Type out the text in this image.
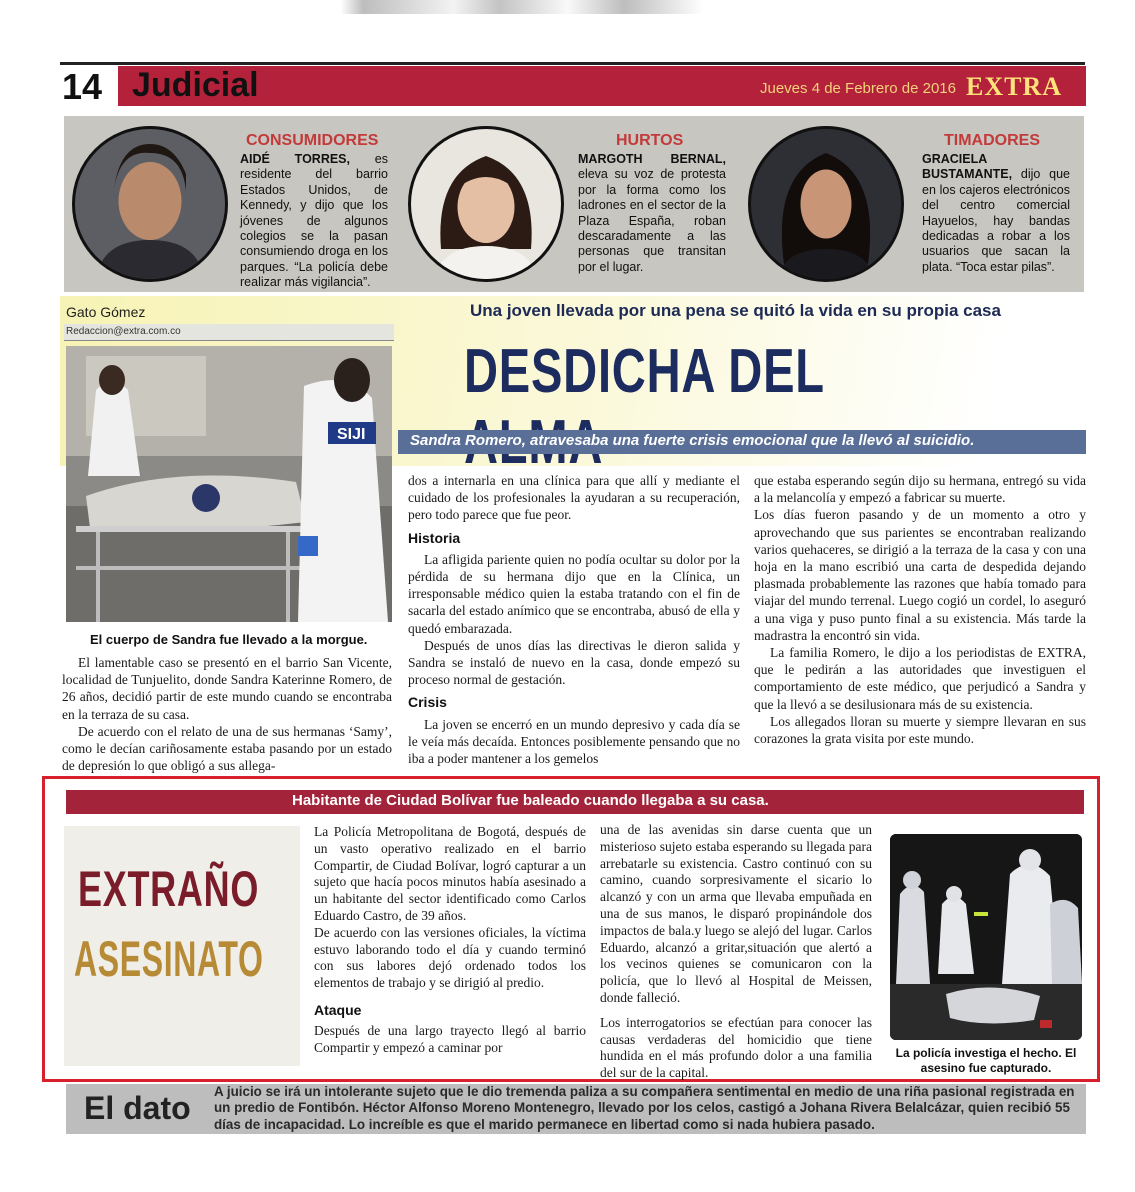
14 Judicial	Jueves 4 de Febrero de 2016 EXTRA
CONSUMIDORES
AIDÉ TORRES, es residente del barrio Estados Unidos, de Kennedy, y dijo que los jóvenes de algunos colegios se la pasan consumiendo droga en los parques. “La policía debe realizar más vigilancia”.
HURTOS
MARGOTH BERNAL, eleva su voz de protesta por la forma como los ladrones en el sector de la Plaza España, roban descaradamente a las personas que transitan por el lugar.
TIMADORES
GRACIELA BUSTAMANTE, dijo que en los cajeros electrónicos del centro comercial Hayuelos, hay bandas dedicadas a robar a los usuarios que sacan la plata. “Toca estar pilas”.
Gato Gómez
Redaccion@extra.com.co
Una joven llevada por una pena se quitó la vida en su propia casa
DESDICHA DEL
Sandra Romero, atravesaba una fuerte crisis emocional que la llevó al suicidio.
SIJI
El cuerpo de Sandra fue llevado a la morgue.

El lamentable caso se presentó en el barrio San Vicente, localidad de Tunjuelito, donde Sandra Katerinne Romero, de 26 años, decidió partir de este mundo cuando se encontraba en la terraza de su casa.

De acuerdo con el relato de una de sus hermanas ‘Samy’, como le decían cariñosamente estaba pasando por un estado de depresión lo que obligó a sus allega-

dos a internarla en una clínica para que allí y mediante el cuidado de los profesionales la ayudaran a su recuperación, pero todo parece que fue peor.

Historia

La afligida pariente quien no podía ocultar su dolor por la pérdida de su hermana dijo que en la Clínica, un irresponsable médico quien la estaba tratando con el fin de sacarla del estado anímico que se encontraba, abusó de ella y quedó embarazada.

Después de unos días las directivas le dieron salida y Sandra se instaló de nuevo en la casa, donde empezó su proceso normal de gestación.

Crisis

La joven se encerró en un mundo depresivo y cada día se le veía más decaída. Entonces posiblemente pensando que no iba a poder mantener a los gemelos

que estaba esperando según dijo su hermana, entregó su vida a la melancolía y empezó a fabricar su muerte.

Los días fueron pasando y de un momento a otro y aprovechando que sus parientes se encontraban realizando varios quehaceres, se dirigió a la terraza de la casa y con una hoja en la mano escribió una carta de despedida dejando plasmada probablemente las razones que había tomado para viajar del mundo terrenal. Luego cogió un cordel, lo aseguró a una viga y puso punto final a su existencia. Más tarde la madrastra la encontró sin vida.

La familia Romero, le dijo a los periodistas de EXTRA, que le pedirán a las autoridades que investiguen el comportamiento de este médico, que perjudicó a Sandra y que la llevó a se desilusionara más de su existencia.

Los allegados lloran su muerte y siempre llevaran en sus corazones la grata visita por este mundo.

Habitante de Ciudad Bolívar fue baleado cuando llegaba a su casa.
EXTRAÑO
ASESINATO

La Policía Metropolitana de Bogotá, después de un vasto operativo realizado en el barrio Compartir, de Ciudad Bolívar, logró capturar a un sujeto que hacía pocos minutos había asesinado a un habitante del sector identificado como Carlos Eduardo Castro, de 39 años.

De acuerdo con las versiones oficiales, la víctima estuvo laborando todo el día y cuando terminó con sus labores dejó ordenado todos los elementos de trabajo y se dirigió al predio.

Ataque

Después de una largo trayecto llegó al barrio Compartir y empezó a caminar por

una de las avenidas sin darse cuenta que un misterioso sujeto estaba esperando su llegada para arrebatarle su existencia. Castro continuó con su camino, cuando sorpresivamente el sicario lo alcanzó y con un arma que llevaba empuñada en una de sus manos, le disparó propinándole dos impactos de bala.y luego se alejó del lugar. Carlos Eduardo, alcanzó a gritar,situación que alertó a los vecinos quienes se comunicaron con la policía, que lo llevó al Hospital de Meissen, donde falleció.

Los interrogatorios se efectúan para conocer las causas verdaderas del homicidio que tiene hundida en el más profundo dolor a una familia del sur de la capital.

La policía investiga el hecho. El asesino fue capturado.
El dato A juicio se irá un intolerante sujeto que le dio tremenda paliza a su compañera sentimental en medio de una riña pasional registrada en un predio de Fontibón. Héctor Alfonso Moreno Montenegro, llevado por los celos, castigó a Johana Rivera Belalcázar, quien recibió 55 días de incapacidad. Lo increíble es que el marido permanece en libertad como si nada hubiera pasado.
